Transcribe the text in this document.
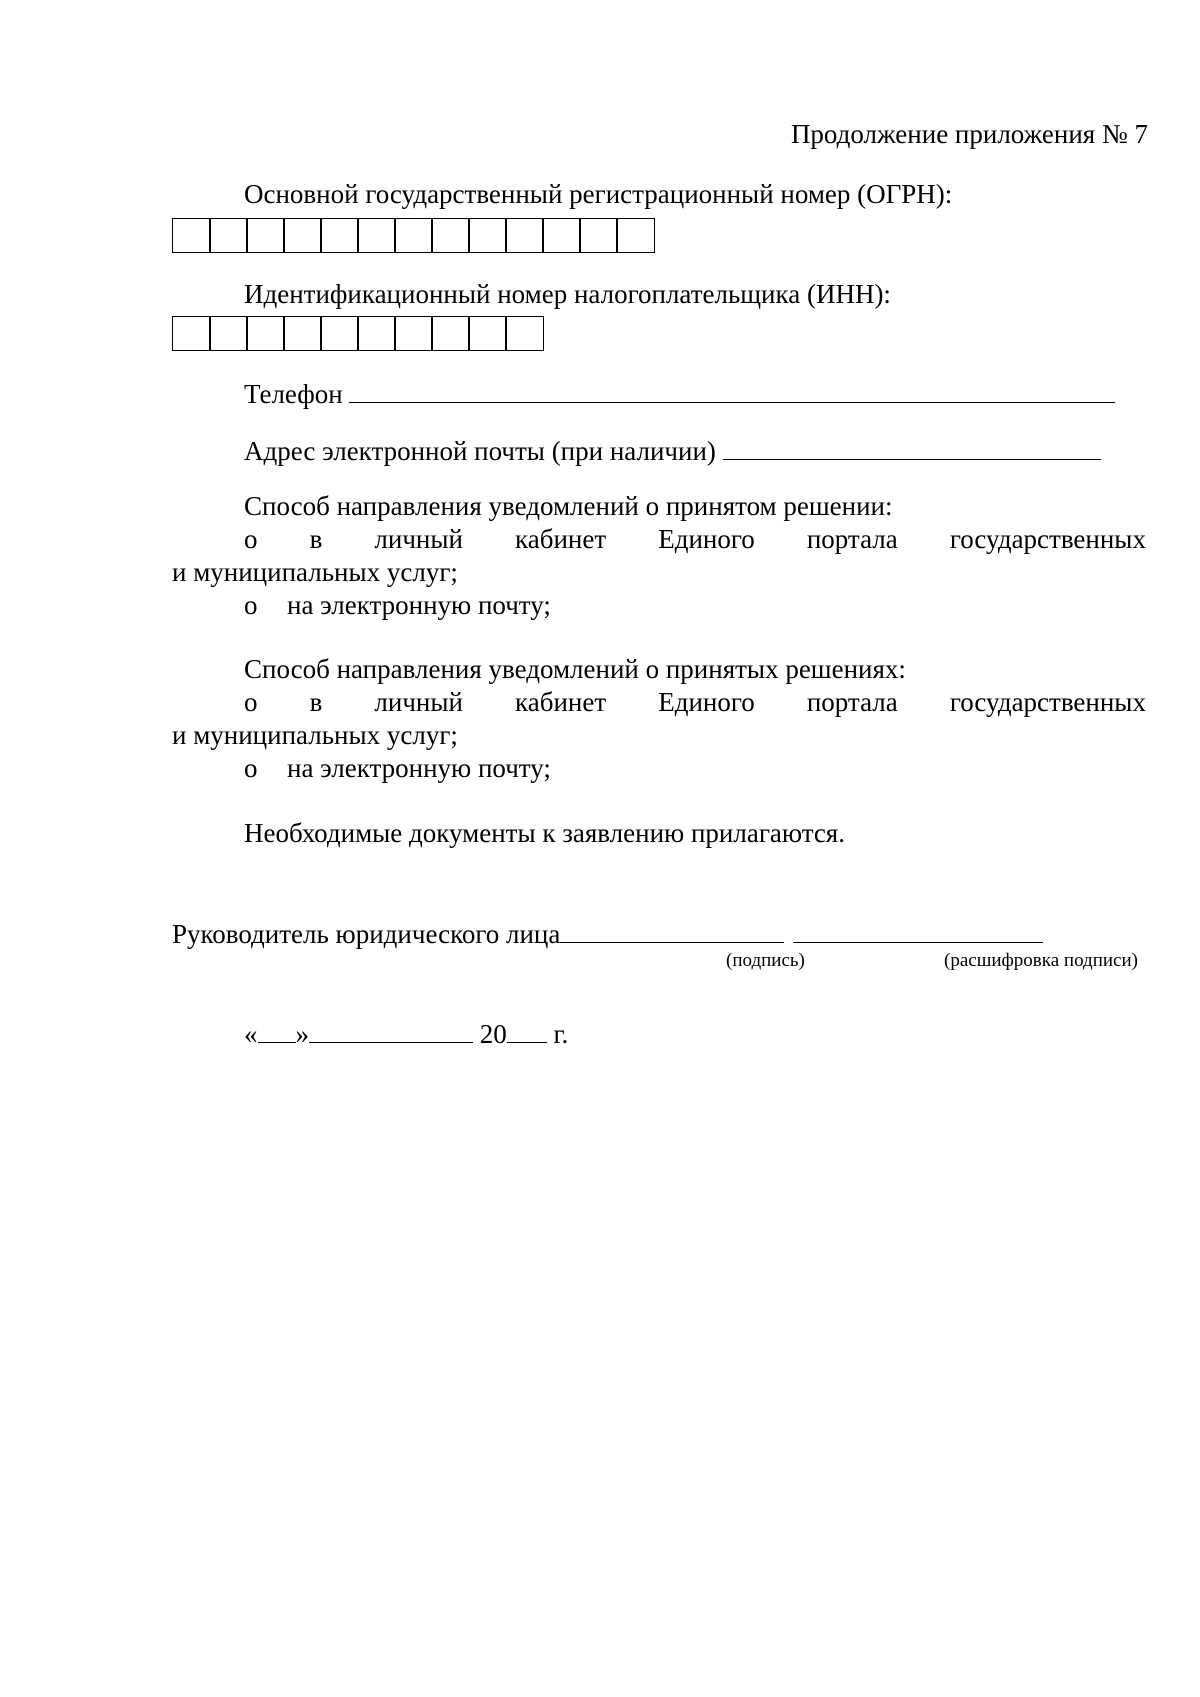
Продолжение приложения № 7
Основной государственный регистрационный номер (ОГРН):
Идентификационный номер налогоплательщика (ИНН):
Телефон
Адрес электронной почты (при наличии)
Способ направления уведомлений о принятом решении:
o в личный кабинет Единого портала государственных
и муниципальных услуг;
o на электронную почту;
Способ направления уведомлений о принятых решениях:
o в личный кабинет Единого портала государственных
и муниципальных услуг;
o на электронную почту;
Необходимые документы к заявлению прилагаются.
Руководитель юридического лица
(подпись)	(расшифровка подписи)
« »	20 г.
